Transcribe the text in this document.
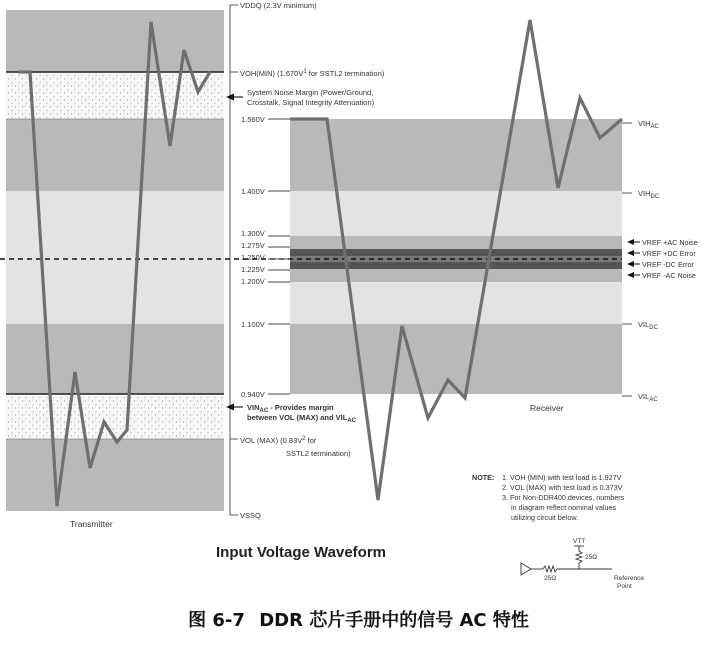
VDDQ (2.3V minimum)
VOH(MIN) ($1.670V^1$ for SSTL2 termination)
1.560V
1.400V
1.300V
1.275V
1.250V
1.225V
1.200V
1.100V
0.940V
VOL (MAX) ($0.83V^2$ for
SSTL2 termination)
VSSQ
System Noise Margin (Power/Ground,
Crosstalk, Signal Integrity Attenuation)
$VIN_{AC}$ - Provides margin
between VOL (MAX) and $VIL_{AC}$
$VIH_{AC}$
$VIH_{DC}$
$VIL_{DC}$
$VIL_{AC}$
VREF +AC Noise
VREF +DC Error
VREF -DC Error
VREF -AC Noise
Transmitter
Receiver
Input Voltage Waveform
NOTE: 1. VOH (MIN) with test load is 1.927V
2. VOL (MAX) with test load is 0.373V
3. For Non-DDR400 devices, numbers
in diagram reflect nominal values
utilizing circuit below.
VTT
25Ω
25Ω	Reference
Point
图 6-7 DDR 芯片手册中的信号 AC 特性
